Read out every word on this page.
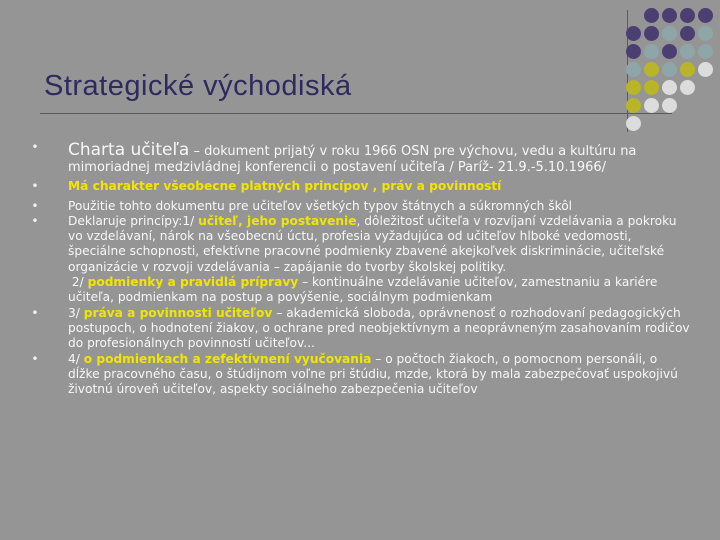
Strategické východiská
• Charta učiteľa – dokument prijatý v roku 1966 OSN pre výchovu, vedu a kultúru na mimoriadnej medzivládnej konferencii o postavení učiteľa / Paríž- 21.9.-5.10.1966/
• Má charakter všeobecne platných princípov , práv a povinností
• Použitie tohto dokumentu pre učiteľov všetkých typov štátnych a súkromných škôl
• Deklaruje princípy:1/ učiteľ, jeho postavenie, dôležitosť učiteľa v rozvíjaní vzdelávania a pokroku vo vzdelávaní, nárok na všeobecnú úctu, profesia vyžadujúca od učiteľov hlboké vedomosti, špeciálne schopnosti, efektívne pracovné podmienky zbavené akejkoľvek diskriminácie, učiteľské organizácie v rozvoji vzdelávania – zapájanie do tvorby školskej politiky.
2/ podmienky a pravidlá prípravy – kontinuálne vzdelávanie učiteľov, zamestnaniu a kariére učiteľa, podmienkam na postup a povýšenie, sociálnym podmienkam
• 3/ práva a povinnosti učiteľov – akademická sloboda, oprávnenosť o rozhodovaní pedagogických postupoch, o hodnotení žiakov, o ochrane pred neobjektívnym a neoprávneným zasahovaním rodičov do profesionálnych povinností učiteľov...
• 4/ o podmienkach a zefektívnení vyučovania – o počtoch žiakoch, o pomocnom personáli, o dĺžke pracovného času, o štúdijnom voľne pri štúdiu, mzde, ktorá by mala zabezpečovať uspokojivú životnú úroveň učiteľov, aspekty sociálneho zabezpečenia učiteľov
